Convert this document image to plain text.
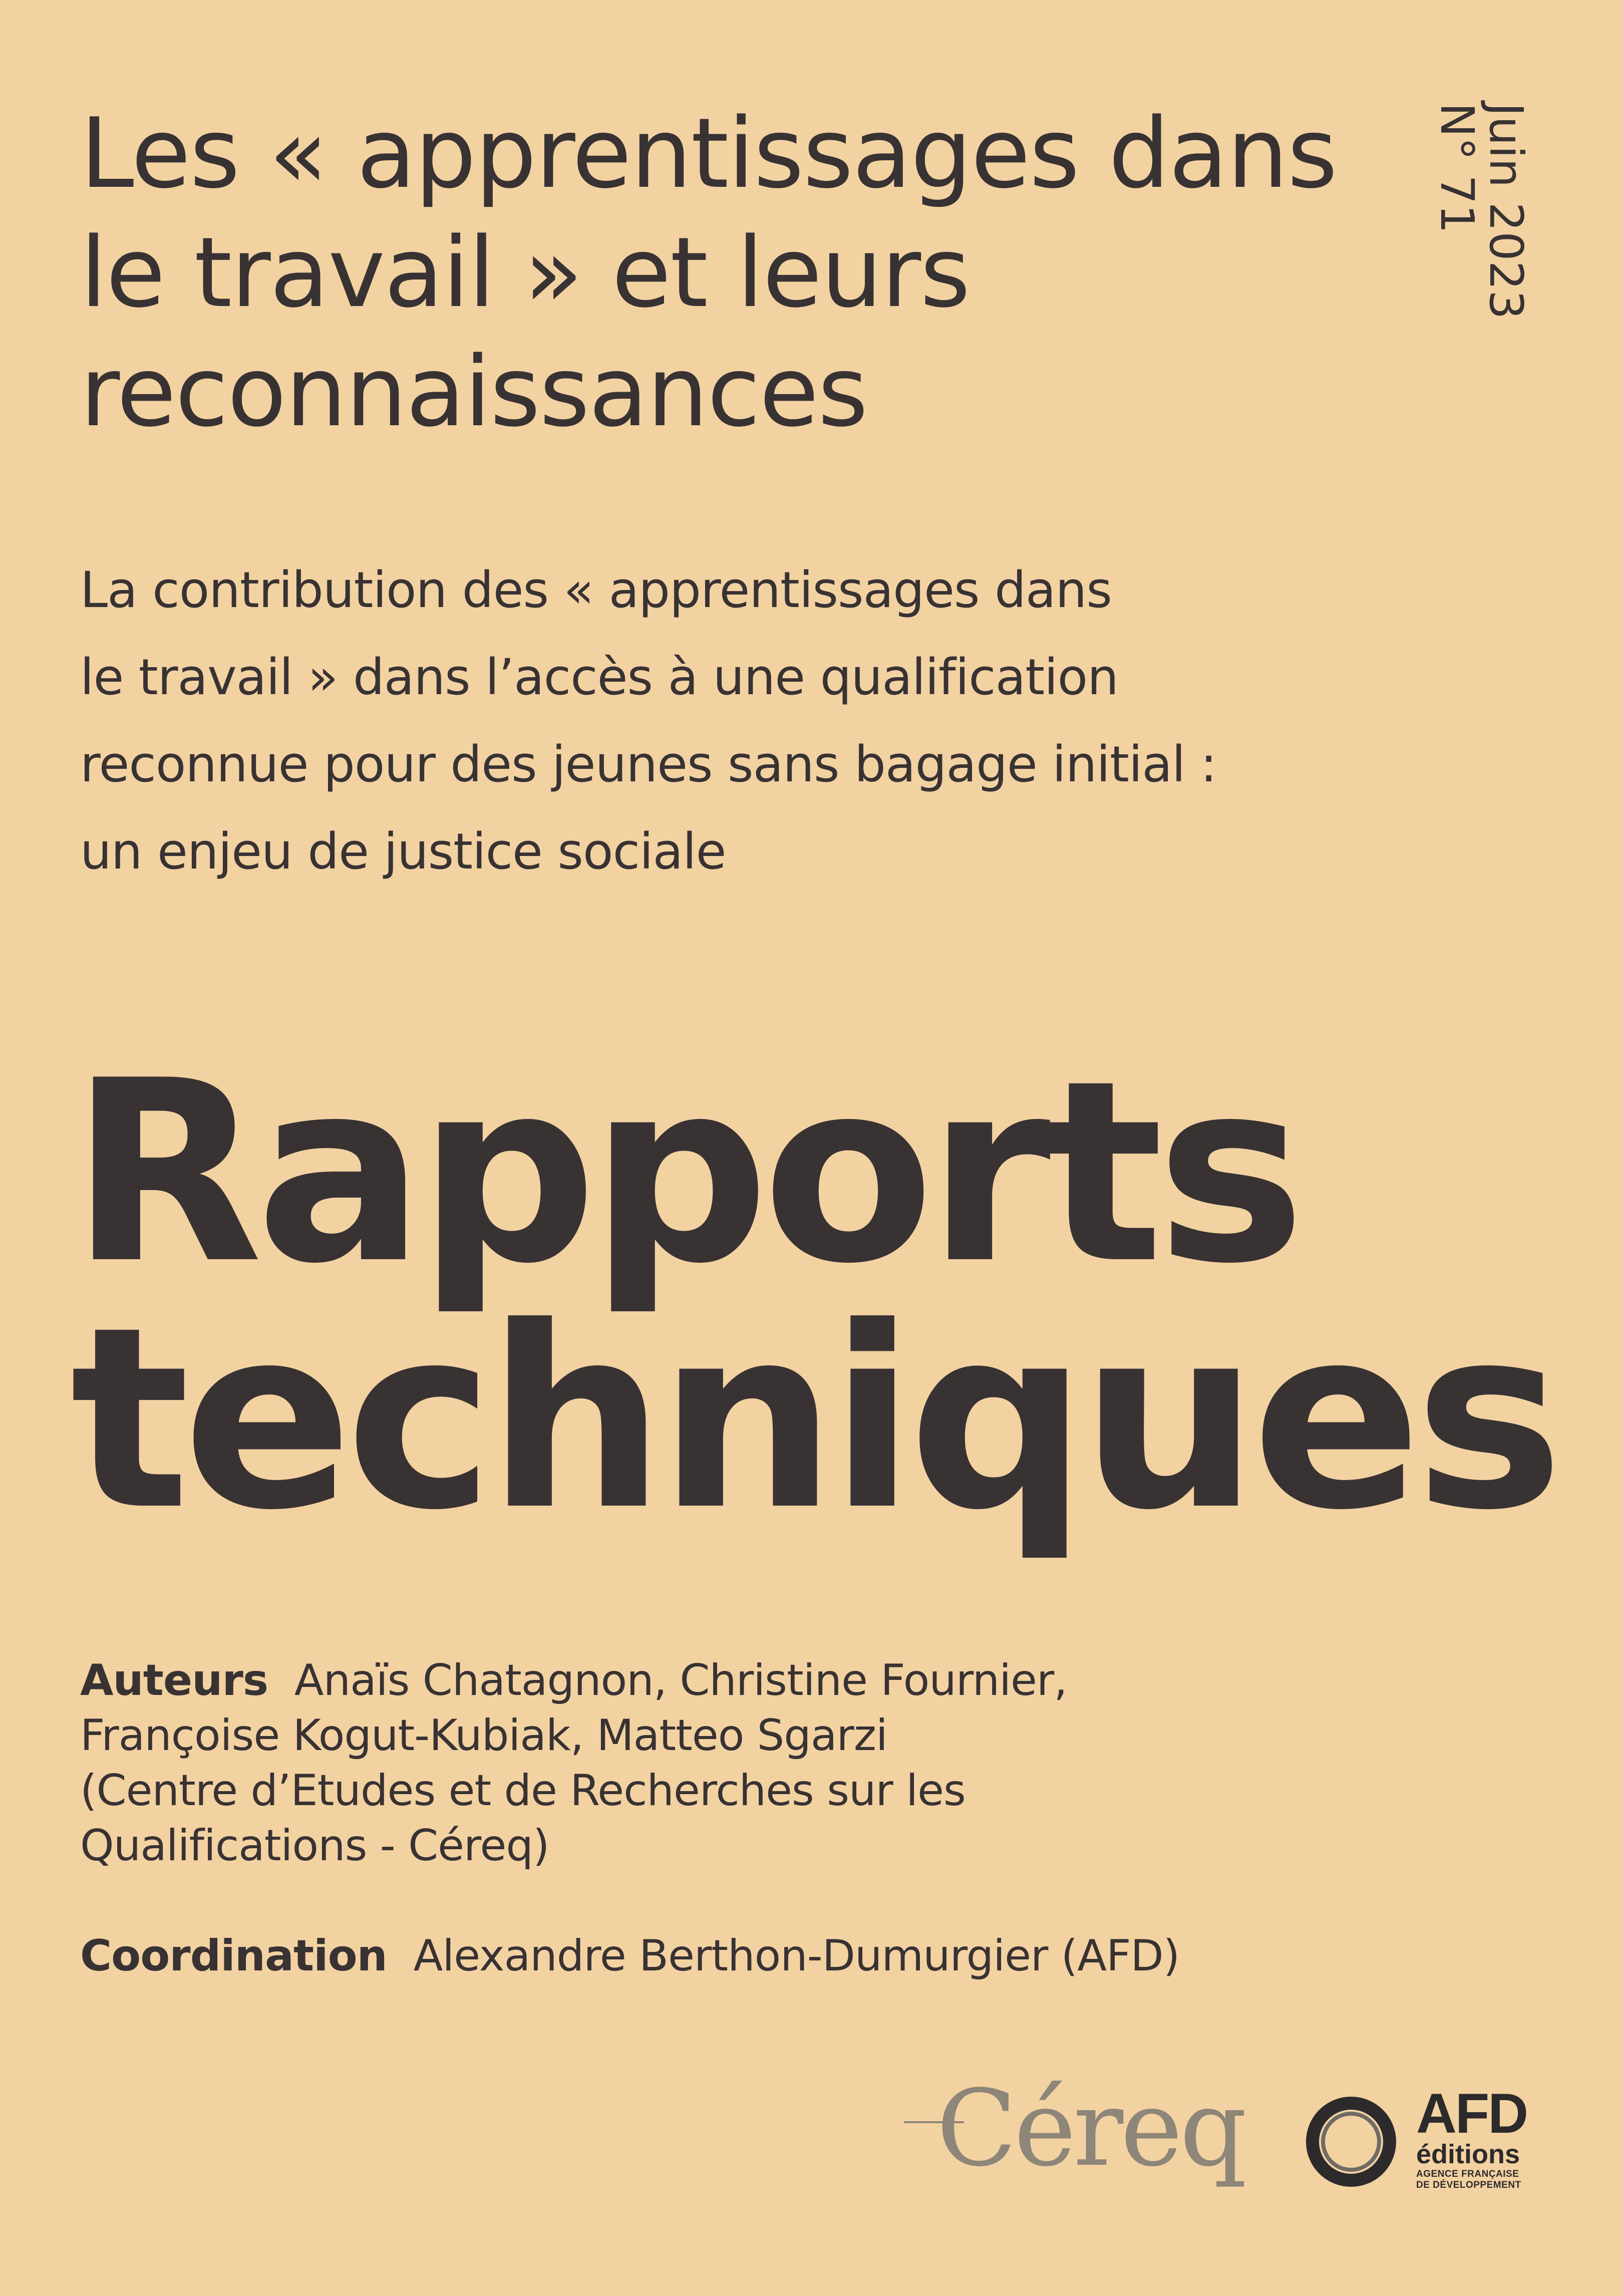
Les « apprentissages dans le travail » et leurs reconnaissances
Juin 2023
N° 71
La contribution des « apprentissages dans
le travail » dans l’accès à une qualification
reconnue pour des jeunes sans bagage initial :
un enjeu de justice sociale
Rapports
techniques
Auteurs Anaïs Chatagnon, Christine Fournier,
Françoise Kogut-Kubiak, Matteo Sgarzi
(Centre d’Etudes et de Recherches sur les
Qualifications - Céreq)
Coordination Alexandre Berthon-Dumurgier (AFD)
Céreq	AFD
éditions
AGENCE FRANÇAISE
DE DÉVELOPPEMENT
